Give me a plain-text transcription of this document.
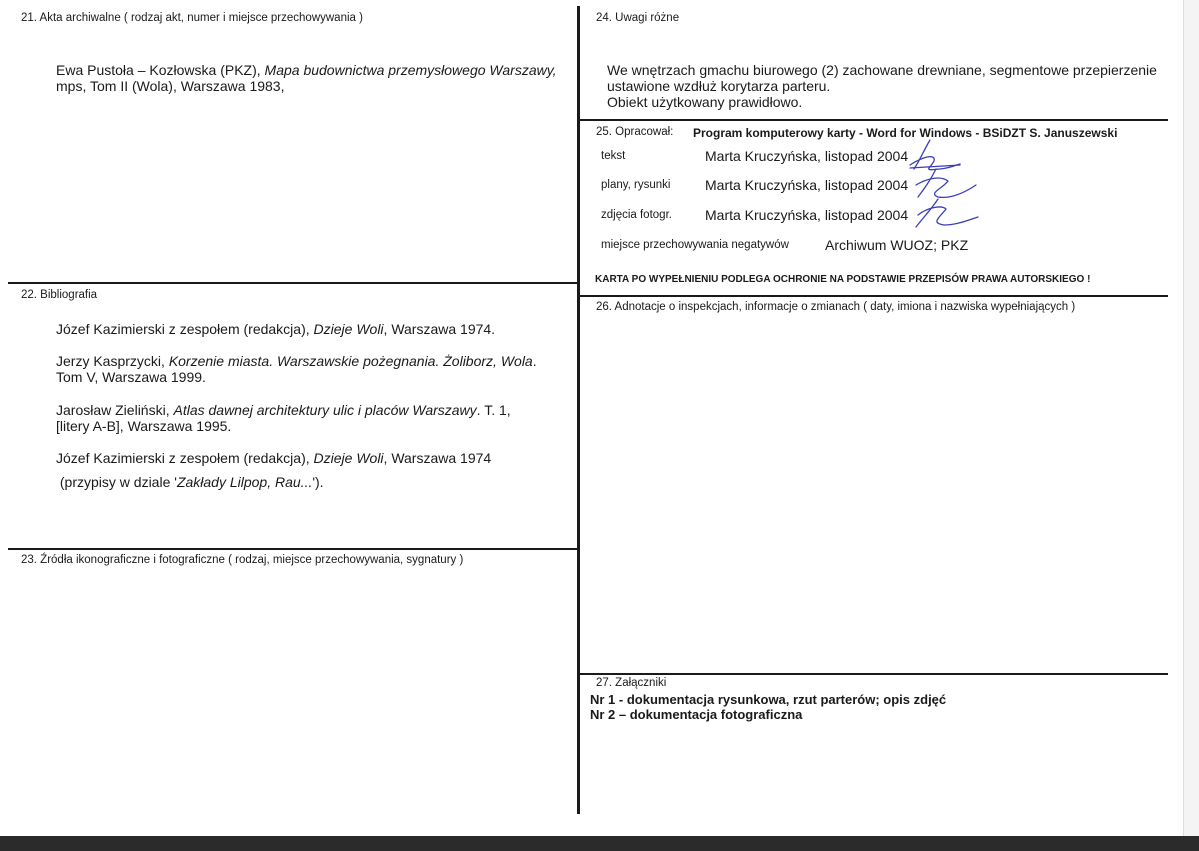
21. Akta archiwalne ( rodzaj akt, numer i miejsce przechowywania )
Ewa Pustoła – Kozłowska (PKZ), Mapa budownictwa przemysłowego Warszawy,
mps, Tom II (Wola), Warszawa 1983,
22. Bibliografia
Józef Kazimierski z zespołem (redakcja), Dzieje Woli, Warszawa 1974.
Jerzy Kasprzycki, Korzenie miasta. Warszawskie pożegnania. Żoliborz, Wola.
Tom V, Warszawa 1999.
Jarosław Zieliński, Atlas dawnej architektury ulic i placów Warszawy. T. 1,
[litery A-B], Warszawa 1995.
Józef Kazimierski z zespołem (redakcja), Dzieje Woli, Warszawa 1974
(przypisy w dziale 'Zakłady Lilpop, Rau...').
23. Źródła ikonograficzne i fotograficzne ( rodzaj, miejsce przechowywania, sygnatury )
24. Uwagi różne
We wnętrzach gmachu biurowego (2) zachowane drewniane, segmentowe przepierzenie
ustawione wzdłuż korytarza parteru.
Obiekt użytkowany prawidłowo.
25. Opracował: Program komputerowy karty - Word for Windows - BSiDZT S. Januszewski
tekst	Marta Kruczyńska, listopad 2004
plany, rysunki Marta Kruczyńska, listopad 2004
zdjęcia fotogr. Marta Kruczyńska, listopad 2004
miejsce przechowywania negatywów	Archiwum WUOZ; PKZ
KARTA PO WYPEŁNIENIU PODLEGA OCHRONIE NA PODSTAWIE PRZEPISÓW PRAWA AUTORSKIEGO !
26. Adnotacje o inspekcjach, informacje o zmianach ( daty, imiona i nazwiska wypełniających )
27. Załączniki
Nr 1 - dokumentacja rysunkowa, rzut parterów; opis zdjęć
Nr 2 – dokumentacja fotograficzna
